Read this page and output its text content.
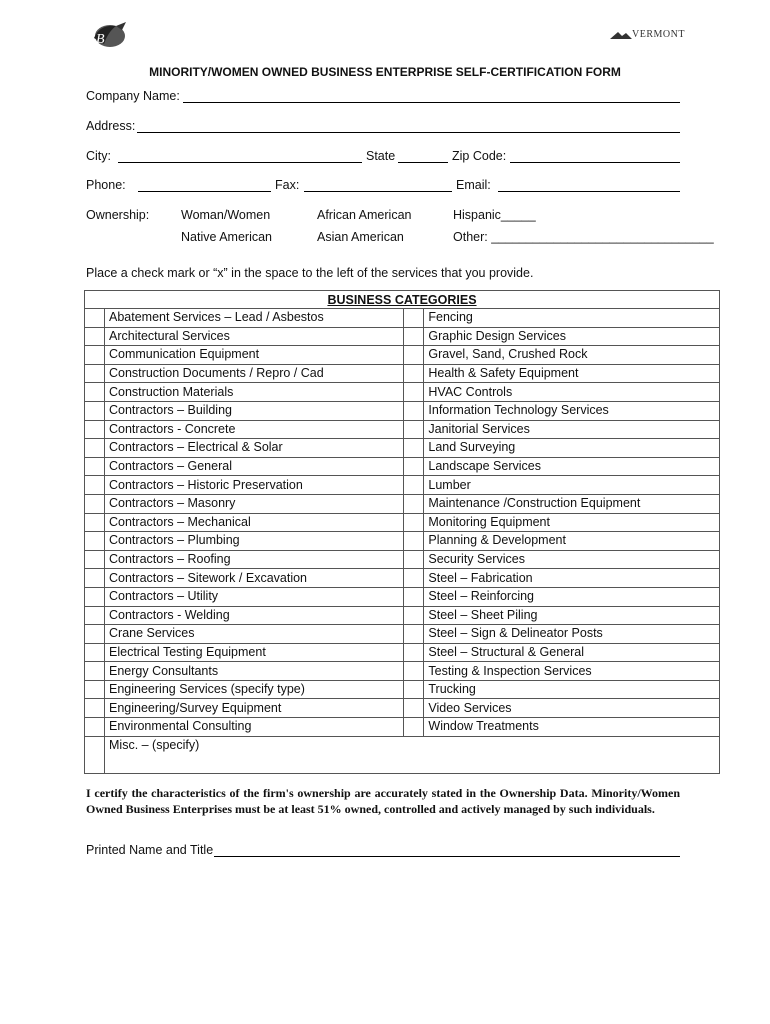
B	VERMONT
MINORITY/WOMEN OWNED BUSINESS ENTERPRISE SELF-CERTIFICATION FORM
Company Name:
Address:
City:	State	Zip Code:
Phone:	Fax:	Email:
Ownership:	Woman/Women	African American	Hispanic_____
Native American	Asian American	Other: ________________________________
Place a check mark or “x” in the space to the left of the services that you provide.
BUSINESS CATEGORIES			
	Abatement Services – Lead / Asbestos		Fencing
	Architectural Services		Graphic Design Services
	Communication Equipment		Gravel, Sand, Crushed Rock
	Construction Documents / Repro / Cad		Health & Safety Equipment
	Construction Materials		HVAC Controls
	Contractors – Building		Information Technology Services
	Contractors - Concrete		Janitorial Services
	Contractors – Electrical & Solar		Land Surveying
	Contractors – General		Landscape Services
	Contractors – Historic Preservation		Lumber
	Contractors – Masonry		Maintenance /Construction Equipment
	Contractors – Mechanical		Monitoring Equipment
	Contractors – Plumbing		Planning & Development
	Contractors – Roofing		Security Services
	Contractors – Sitework / Excavation		Steel – Fabrication
	Contractors – Utility		Steel – Reinforcing
	Contractors - Welding		Steel – Sheet Piling
	Crane Services		Steel – Sign & Delineator Posts
	Electrical Testing Equipment		Steel – Structural & General
	Energy Consultants		Testing & Inspection Services
	Engineering Services (specify type)		Trucking
	Engineering/Survey Equipment		Video Services
	Environmental Consulting		Window Treatments
	Misc. – (specify)		
I certify the characteristics of the firm's ownership are accurately stated in the Ownership Data. Minority/Women Owned Business Enterprises must be at least 51% owned, controlled and actively managed by such individuals.
Printed Name and Title
